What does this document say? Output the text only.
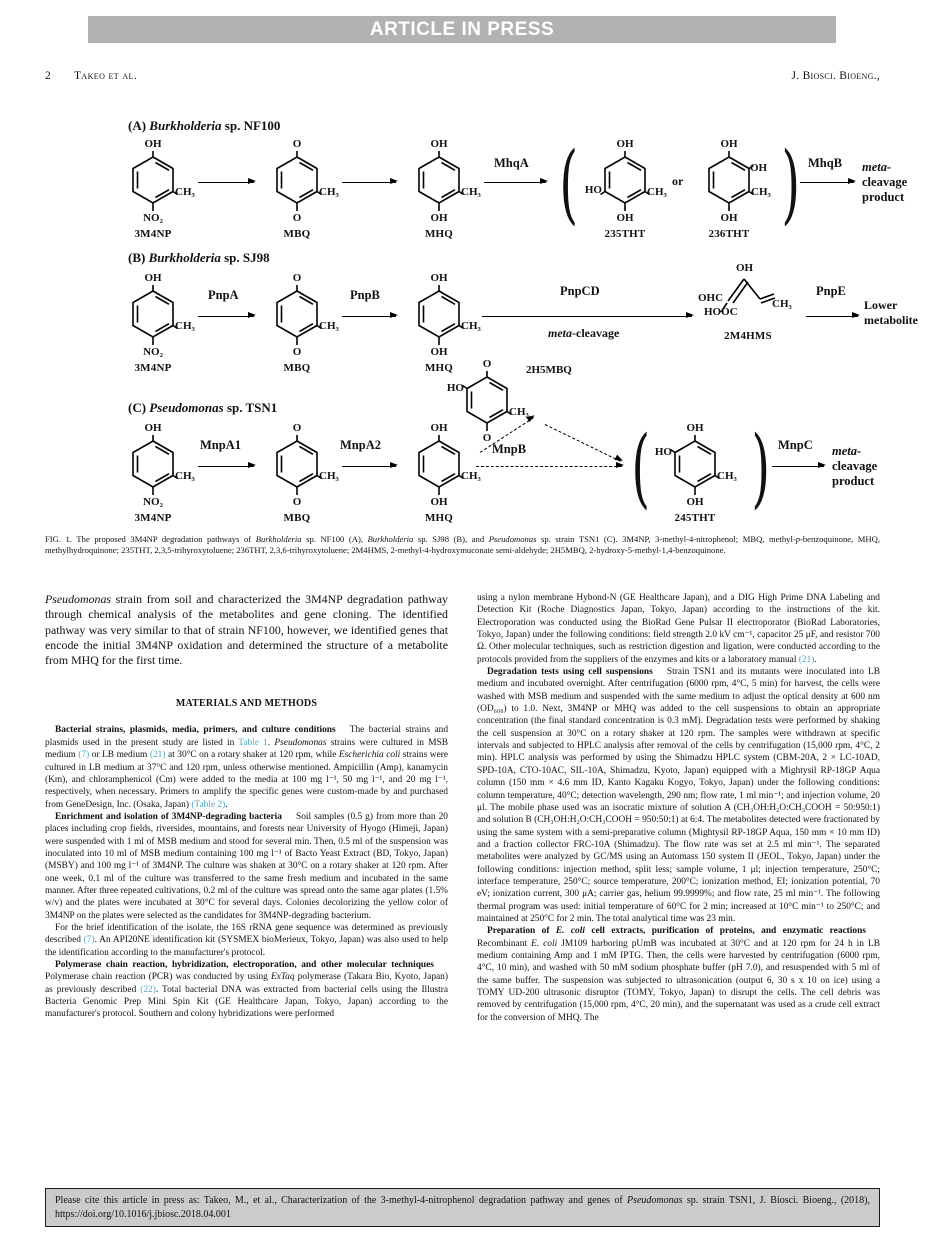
ARTICLE IN PRESS
2 Takeo et al.	J. Biosci. Bioeng.,
(A) Burkholderia sp. NF100
OH
CH₃
NO₂
3M4NP
O
CH₃
O
MBQ
OH
CH₃
OH
MHQ
MhqA → (	OH
HO	CH₃
OH
235THT
or
OH
OH
CH₃
OH
236THT ) MhqB meta-
cleavage
product
(B) Burkholderia sp. SJ98
OH
CH₃
NO₂
3M4NP
PnpA
O
CH₃
O
MBQ
PnpB
OH
CH₃
OH
MHQ
PnpCD
meta-cleavage
OH
OHC
HOOC
CH₃
2M4HMS
PnpE
Lower
metabolite
O
HO
CH₃
O
2H5MBQ
(C) Pseudomonas sp. TSN1
OH
CH₃
NO₂
3M4NP
MnpA1
O
CH₃
O
MBQ
MnpA2
OH
CH₃
OH
MHQ
MnpB (	OH
HO
CH₃
OH
245THT ) MnpC meta-
cleavage
product
FIG. 1. The proposed 3M4NP degradation pathways of Burkholderia sp. NF100 (A), Burkholderia sp. SJ98 (B), and Pseudomonas sp. strain TSN1 (C). 3M4NP, 3-methyl-4-nitrophenol; MBQ, methyl-p-benzoquinone, MHQ, methylhydroquinone; 235THT, 2,3,5-trihyroxytoluene; 236THT, 2,3,6-trihyroxytoluene; 2M4HMS, 2-methyl-4-hydroxymuconate semi-aldehyde; 2H5MBQ, 2-hydroxy-5-methyl-1,4-benzoquinone.

Pseudomonas strain from soil and characterized the 3M4NP degradation pathway through chemical analysis of the metabolites and gene cloning. The identified pathway was very similar to that of strain NF100, however, we identified genes that encode the initial 3M4NP oxidation and determined the structure of a metabolite from MHQ for the first time.

MATERIALS AND METHODS

Bacterial strains, plasmids, media, primers, and culture conditions  The bacterial strains and plasmids used in the present study are listed in Table 1. Pseudomonas strains were cultured in MSB medium (7) or LB medium (21) at 30°C on a rotary shaker at 120 rpm, while Escherichia coli strains were cultured in LB medium at 37°C and 120 rpm, unless otherwise mentioned. Ampicillin (Amp), kanamycin (Km), and chloramphenicol (Cm) were added to the media at 100 mg l⁻¹, 50 mg l⁻¹, and 20 mg l⁻¹, respectively, when necessary. Primers to amplify the specific genes were custom-made by and purchased from GeneDesign, Inc. (Osaka, Japan) (Table 2).

Enrichment and isolation of 3M4NP-degrading bacteria  Soil samples (0.5 g) from more than 20 places including crop fields, riversides, mountains, and forests near University of Hyogo (Himeji, Japan) were suspended with 1 ml of MSB medium and stood for several min. Then, 0.5 ml of the suspension was inoculated into 10 ml of MSB medium containing 100 mg l⁻¹ of Bacto Yeast Extract (BD, Tokyo, Japan) (MSBY) and 100 mg l⁻¹ of 3M4NP. The culture was shaken at 30°C on a rotary shaker at 120 rpm. After one week, 0.1 ml of the culture was transferred to the same fresh medium and incubated in the same manner. After three repeated cultivations, 0.2 ml of the culture was spread onto the same agar plates (1.5% w/v) and the plates were incubated at 30°C for several days. Colonies decolorizing the yellow color of 3M4NP on the plates were selected as the candidates for 3M4NP-degrading bacterium.

For the brief identification of the isolate, the 16S rRNA gene sequence was determined as previously described (7). An API20NE identification kit (SYSMEX bioMerieux, Tokyo, Japan) was also used to help the identification according to the manufacturer's protocol.

Polymerase chain reaction, hybridization, electroporation, and other molecular techniques  Polymerase chain reaction (PCR) was conducted by using ExTaq polymerase (Takara Bio, Kyoto, Japan) as previously described (22). Total bacterial DNA was extracted from bacterial cells using the Illustra Bacteria Genomic Prep Mini Spin Kit (GE Healthcare Japan, Tokyo, Japan) according to the manufacturer's protocol. Southern and colony hybridizations were performed

using a nylon membrane Hybond-N (GE Healthcare Japan), and a DIG High Prime DNA Labeling and Detection Kit (Roche Diagnostics Japan, Tokyo, Japan) according to the instructions of the kit. Electroporation was conducted using the BioRad Gene Pulsar II electroporator (BioRad Laboratories, Tokyo, Japan) under the following conditions: field strength 2.0 kV cm⁻¹, capacitor 25 μF, and resistor 700 Ω. Other molecular techniques, such as restriction digestion and ligation, were conducted according to the protocols provided from the suppliers of the enzymes and kits or a laboratory manual (21).

Degradation tests using cell suspensions  Strain TSN1 and its mutants were inoculated into LB medium and incubated overnight. After centrifugation (6000 rpm, 4°C, 5 min) for harvest, the cells were washed with MSB medium and suspended with the same medium to adjust the optical density at 600 nm (OD₆₀₀) to 1.0. Next, 3M4NP or MHQ was added to the cell suspensions to obtain an appropriate concentration (the final standard concentration is 0.3 mM). Degradation tests were performed by shaking the cell suspension at 30°C on a rotary shaker at 120 rpm. The samples were withdrawn at specific intervals and subjected to HPLC analysis after removal of the cells by centrifugation (15,000 rpm, 4°C, 2 min). HPLC analysis was performed by using the Shimadzu HPLC system (CBM-20A, 2 × LC-10AD, SPD-10A, CTO-10AC, SIL-10A, Shimadzu, Kyoto, Japan) equipped with a Mightysil RP-18GP Aqua column (150 mm × 4.6 mm ID, Kanto Kagaku Kogyo, Tokyo, Japan) under the following conditions: column temperature, 40°C; detection wavelength, 290 nm; flow rate, 1 ml min⁻¹; and injection volume, 20 μl. The mobile phase used was an isocratic mixture of solution A (CH₃OH:H₂O:CH₃COOH = 50:950:1) and solution B (CH₃OH:H₂O:CH₃COOH = 950:50:1) at 6:4. The metabolites detected were fractionated by using the same system with a semi-preparative column (Mightysil RP-18GP Aqua, 150 mm × 10 mm ID) and a fraction collector FRC-10A (Shimadzu). The flow rate was set at 2.5 ml min⁻¹. The separated metabolites were analyzed by GC/MS using an Automass 150 system II (JEOL, Tokyo, Japan) under the following conditions: injection method, split less; sample volume, 1 μl; injection temperature, 250°C; interface temperature, 250°C; source temperature, 200°C; ionization method, EI; ionization potential, 70 eV; ionization current, 300 μA; carrier gas, helium 99.9999%; and flow rate, 25 ml min⁻¹. The following thermal program was used: initial temperature of 60°C for 2 min; increased at 10°C min⁻¹ to 250°C; and maintained at 250°C for 2 min. The total analytical time was 23 min.

Preparation of E. coli cell extracts, purification of proteins, and enzymatic reactions  Recombinant E. coli JM109 harboring pUmB was incubated at 30°C and at 120 rpm for 24 h in LB medium containing Amp and 1 mM IPTG. Then, the cells were harvested by centrifugation (6000 rpm, 4°C, 10 min), and washed with 50 mM sodium phosphate buffer (pH 7.0), and resuspended with 5 ml of the same buffer. The suspension was subjected to ultrasonication (output 6, 30 s x 10 on ice) using a TOMY UD-200 ultrasonic disruptor (TOMY, Tokyo, Japan) to disrupt the cells. The cell debris was removed by centrifugation (15,000 rpm, 4°C, 20 min), and the supernatant was used as a crude cell extract for the conversion of MHQ. The

Please cite this article in press as: Takeo, M., et al., Characterization of the 3-methyl-4-nitrophenol degradation pathway and genes of Pseudomonas sp. strain TSN1, J. Biosci. Bioeng., (2018), https://doi.org/10.1016/j.jbiosc.2018.04.001
